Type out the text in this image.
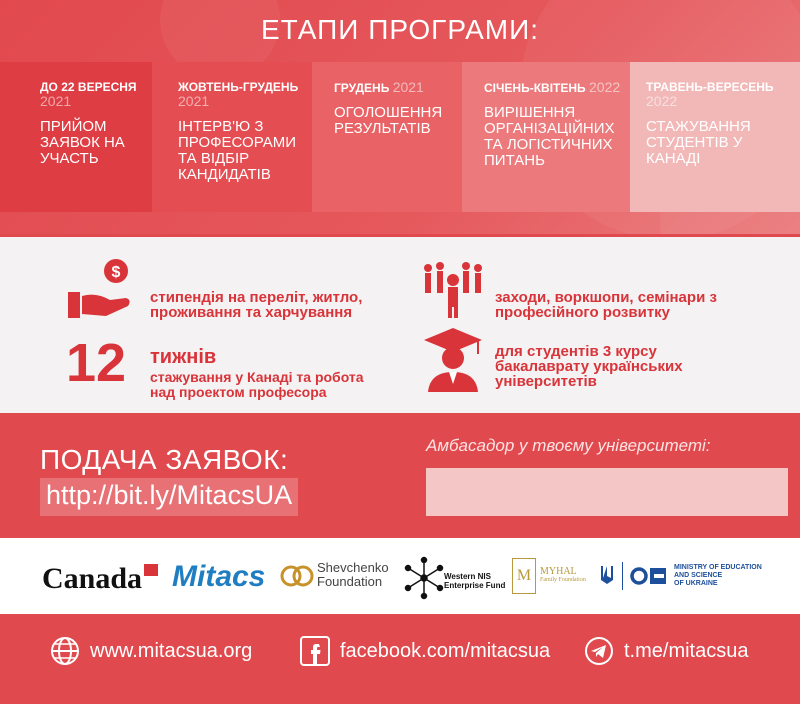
ЕТАПИ ПРОГРАМИ:
ДО 22 ВЕРЕСНЯ 2021
ПРИЙОМ ЗАЯВОК НА УЧАСТЬ
ЖОВТЕНЬ-ГРУДЕНЬ 2021
ІНТЕРВ'Ю З ПРОФЕСОРАМИ ТА ВІДБІР КАНДИДАТІВ
ГРУДЕНЬ 2021
ОГОЛОШЕННЯ РЕЗУЛЬТАТІВ
СІЧЕНЬ-КВІТЕНЬ 2022
ВИРІШЕННЯ ОРГАНІЗАЦІЙНИХ ТА ЛОГІСТИЧНИХ ПИТАНЬ
ТРАВЕНЬ-ВЕРЕСЕНЬ 2022
СТАЖУВАННЯ СТУДЕНТІВ У КАНАДІ
$
стипендія на переліт, житло, проживання та харчування
заходи, воркшопи, семінари з професійного розвитку
12 тижнів
стажування у Канаді та робота над проектом професора
для студентів 3 курсу бакалаврату українських університетів
ПОДАЧА ЗАЯВОК:
http://bit.ly/MitacsUA
Амбасадор у твоєму університеті:
Canada Mitacs	Shevchenko
Foundation	Western NIS
Enterprise Fund
M MYHAL
Family Foundation
MINISTRY OF EDUCATION
AND SCIENCE
OF UKRAINE
www.mitacsua.org	facebook.com/mitacsua	t.me/mitacsua
